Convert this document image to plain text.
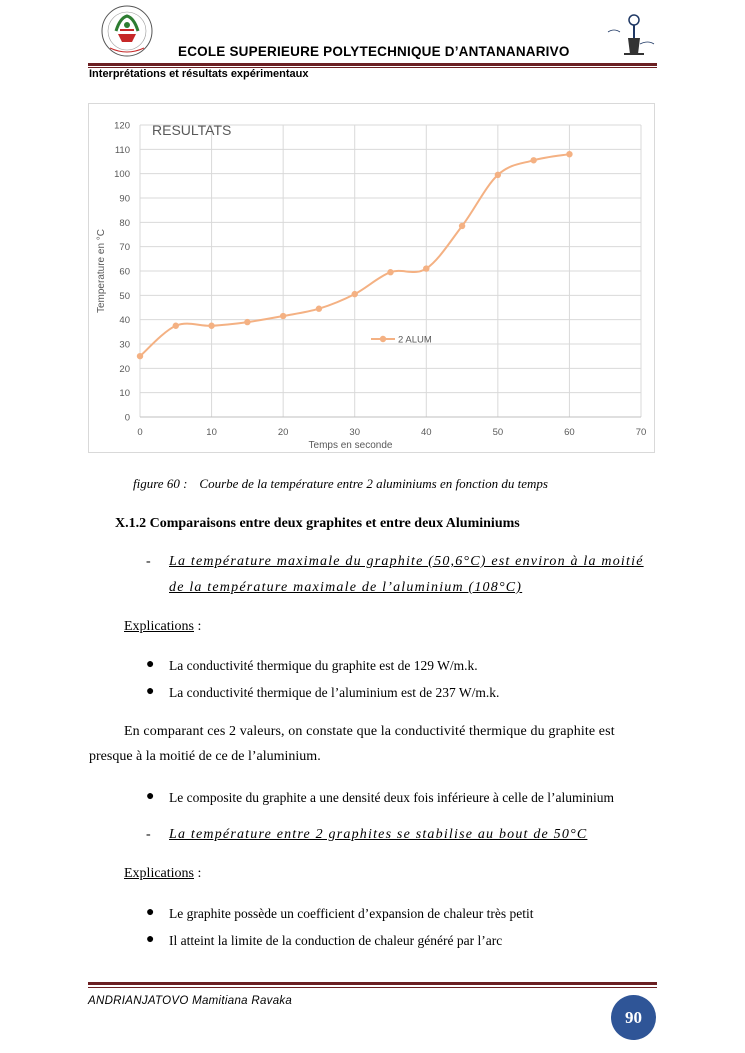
ECOLE SUPERIEURE POLYTECHNIQUE D’ANTANANARIVO
Interprétations et résultats expérimentaux
0
10
20
30
40
50
60
70
80
90
100
110
120
0	10	20	30	40	50	60	70
RESULTATS
Temps en seconde
Temperature en °C
2 ALUM
figure 60 : Courbe de la température entre 2 aluminiums en fonction du temps
X.1.2 Comparaisons entre deux graphites et entre deux Aluminiums
- La température maximale du graphite (50,6°C) est environ à la moitié
de la température maximale de l’aluminium (108°C)
Explications :
● La conductivité thermique du graphite est de 129 W/m.k.
● La conductivité thermique de l’aluminium est de 237 W/m.k.
En comparant ces 2 valeurs, on constate que la conductivité thermique du graphite est
presque à la moitié de ce de l’aluminium.
● Le composite du graphite a une densité deux fois inférieure à celle de l’aluminium
- La température entre 2 graphites se stabilise au bout de 50°C
Explications :
● Le graphite possède un coefficient d’expansion de chaleur très petit
● Il atteint la limite de la conduction de chaleur généré par l’arc
ANDRIANJATOVO Mamitiana Ravaka
90
